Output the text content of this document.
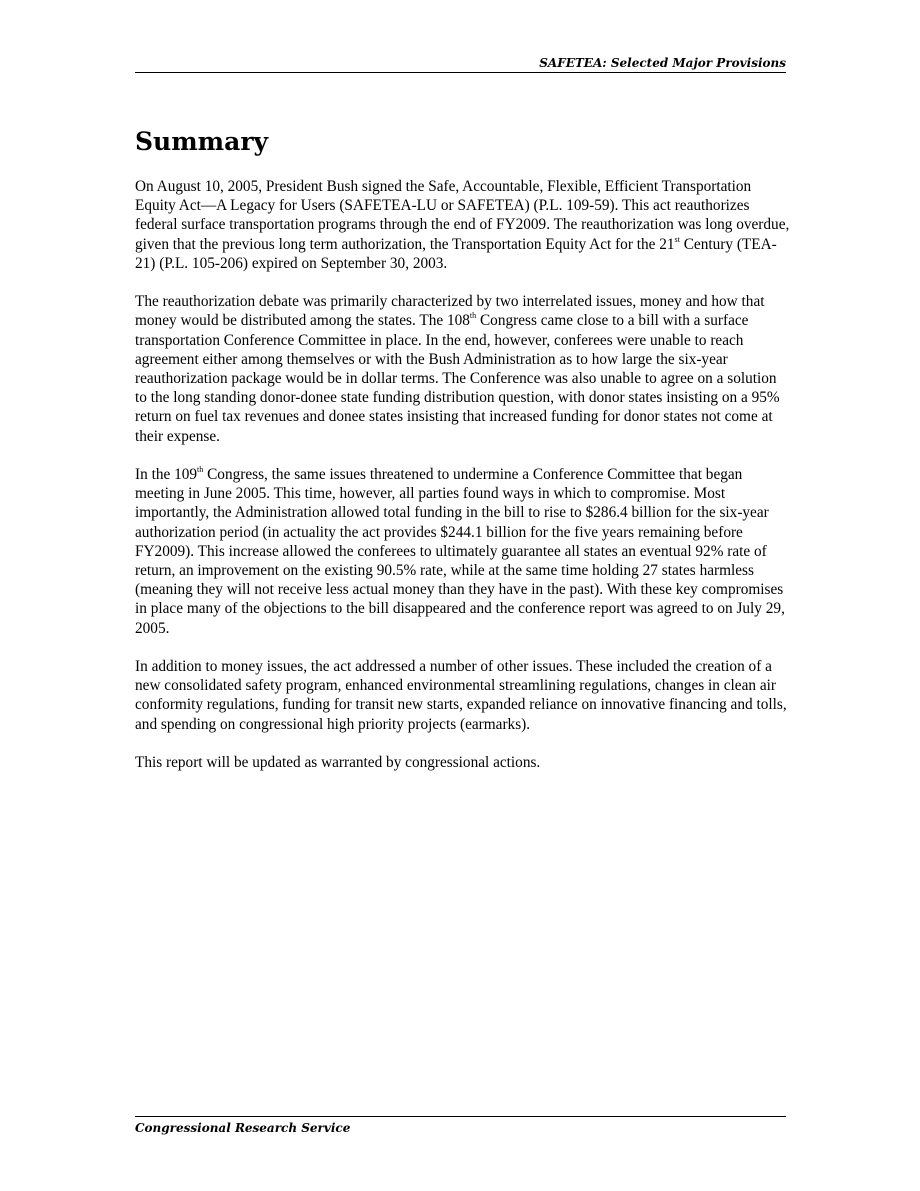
SAFETEA: Selected Major Provisions
Summary

On August 10, 2005, President Bush signed the Safe, Accountable, Flexible, Efficient Transportation Equity Act—A Legacy for Users (SAFETEA-LU or SAFETEA) (P.L. 109-59). This act reauthorizes federal surface transportation programs through the end of FY2009. The reauthorization was long overdue, given that the previous long term authorization, the Transportation Equity Act for the 21st Century (TEA-21) (P.L. 105-206) expired on September 30, 2003.

The reauthorization debate was primarily characterized by two interrelated issues, money and how that money would be distributed among the states. The 108th Congress came close to a bill with a surface transportation Conference Committee in place. In the end, however, conferees were unable to reach agreement either among themselves or with the Bush Administration as to how large the six-year reauthorization package would be in dollar terms. The Conference was also unable to agree on a solution to the long standing donor-donee state funding distribution question, with donor states insisting on a 95% return on fuel tax revenues and donee states insisting that increased funding for donor states not come at their expense.

In the 109th Congress, the same issues threatened to undermine a Conference Committee that began meeting in June 2005. This time, however, all parties found ways in which to compromise. Most importantly, the Administration allowed total funding in the bill to rise to $286.4 billion for the six-year authorization period (in actuality the act provides $244.1 billion for the five years remaining before FY2009). This increase allowed the conferees to ultimately guarantee all states an eventual 92% rate of return, an improvement on the existing 90.5% rate, while at the same time holding 27 states harmless (meaning they will not receive less actual money than they have in the past). With these key compromises in place many of the objections to the bill disappeared and the conference report was agreed to on July 29, 2005.

In addition to money issues, the act addressed a number of other issues. These included the creation of a new consolidated safety program, enhanced environmental streamlining regulations, changes in clean air conformity regulations, funding for transit new starts, expanded reliance on innovative financing and tolls, and spending on congressional high priority projects (earmarks).

This report will be updated as warranted by congressional actions.

Congressional Research Service
